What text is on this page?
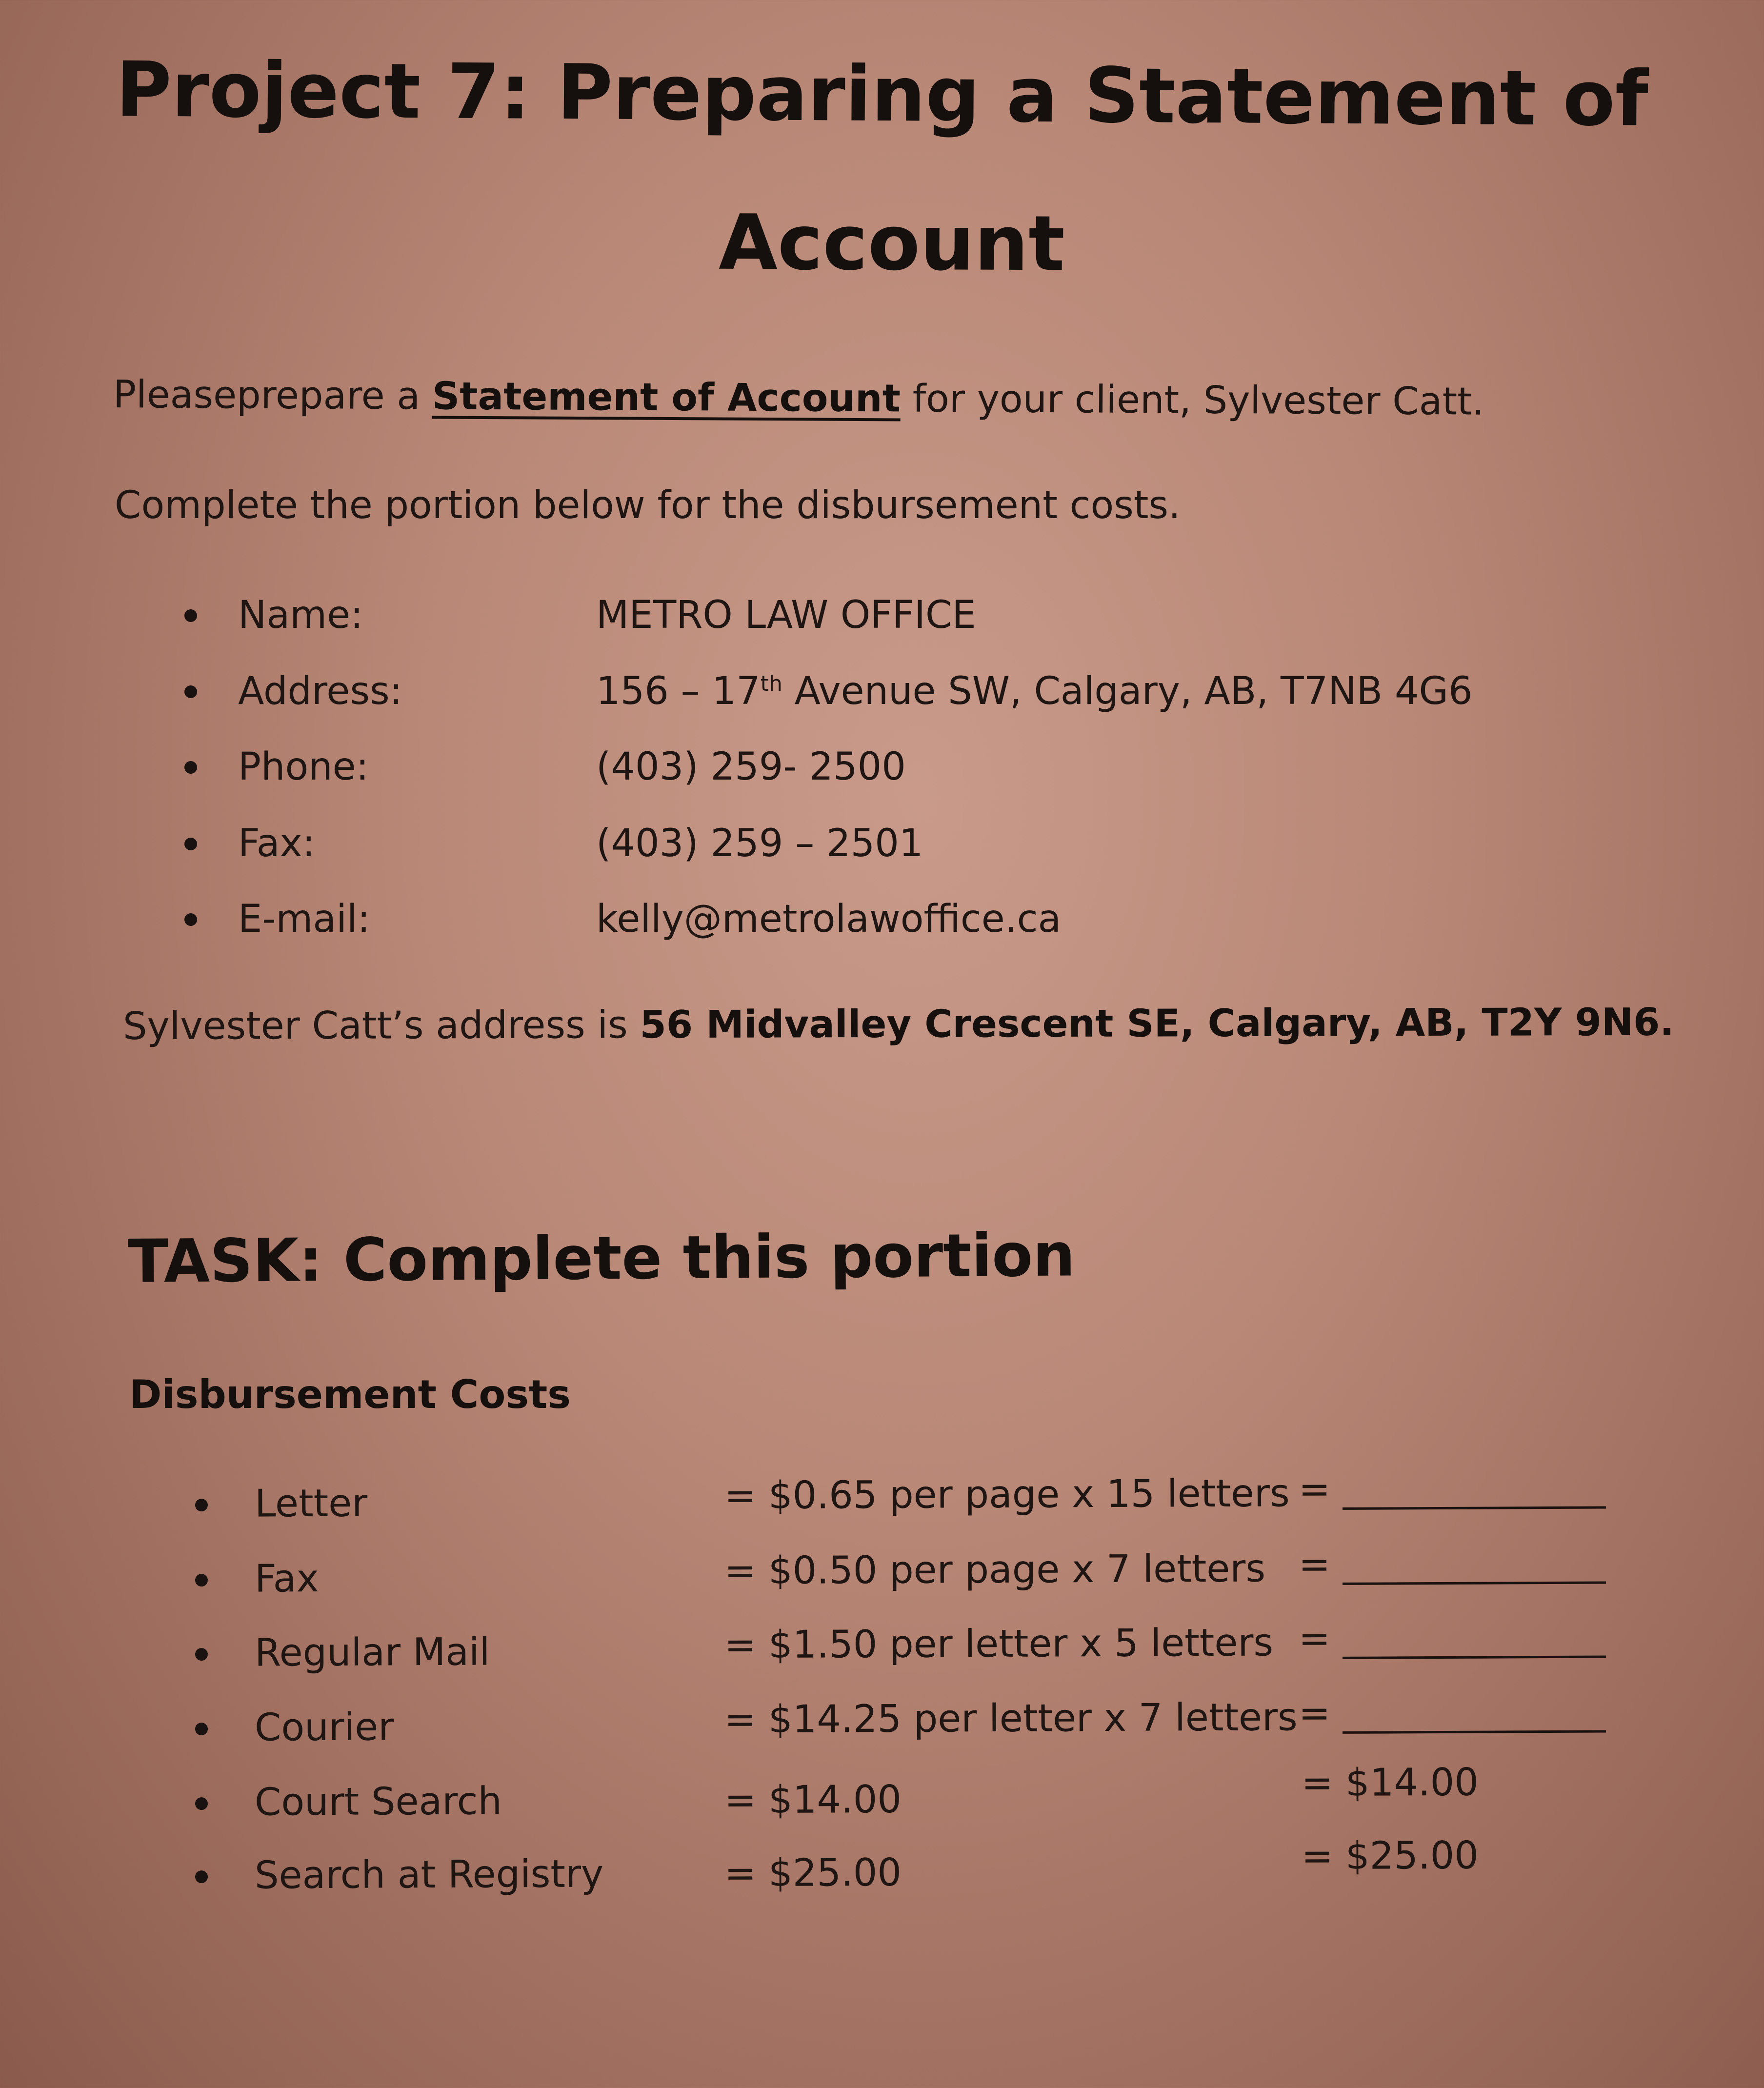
Project 7: Preparing a Statement of
Account

Pleaseprepare a Statement of Account for your client, Sylvester Catt.

Complete the portion below for the disbursement costs.

Name:	METRO LAW OFFICE
Address:	156 – 17th Avenue SW, Calgary, AB, T7NB 4G6
Phone:	(403) 259- 2500
Fax:	(403) 259 – 2501
E-mail:	kelly@metrolawoffice.ca

Sylvester Catt’s address is 56 Midvalley Crescent SE, Calgary, AB, T2Y 9N6.

TASK: Complete this portion
Disbursement Costs
Letter	= $0.65 per page x 15 letters =
Fax	= $0.50 per page x 7 letters =
Regular Mail	= $1.50 per letter x 5 letters =
Courier	= $14.25 per letter x 7 letters =
Court Search	= $14.00	= $14.00
Search at Registry	= $25.00	= $25.00
